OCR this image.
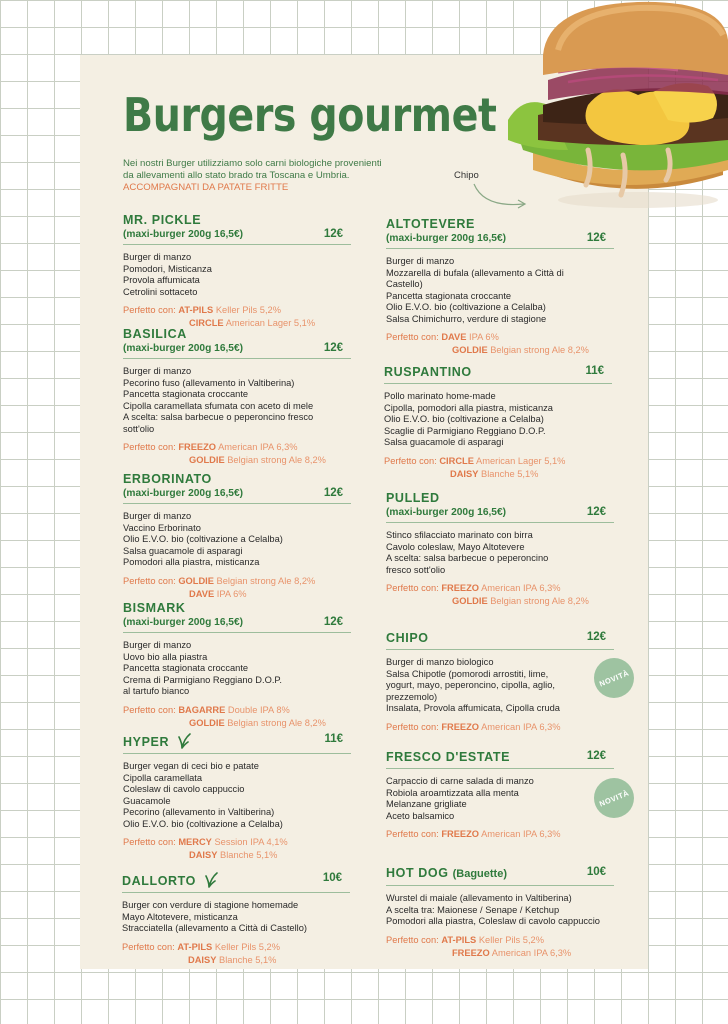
Chipo
Burgers gourmet
Nei nostri Burger utilizziamo solo carni biologiche provenienti
da allevamenti allo stato brado tra Toscana e Umbria.
ACCOMPAGNATI DA PATATE FRITTE
MR. PICKLE
(maxi-burger 200g 16,5€)	12€
Burger di manzo
Pomodori, Misticanza
Provola affumicata
Cetrolini sottaceto
Perfetto con: AT-PILS Keller Pils 5,2%
CIRCLE American Lager 5,1%
BASILICA
(maxi-burger 200g 16,5€)	12€
Burger di manzo
Pecorino fuso (allevamento in Valtiberina)
Pancetta stagionata croccante
Cipolla caramellata sfumata con aceto di mele
A scelta: salsa barbecue o peperoncino fresco
sott'olio
Perfetto con: FREEZO American IPA 6,3%
GOLDIE Belgian strong Ale 8,2%
ERBORINATO
(maxi-burger 200g 16,5€)	12€
Burger di manzo
Vaccino Erborinato
Olio E.V.O. bio (coltivazione a Celalba)
Salsa guacamole di asparagi
Pomodori alla piastra, misticanza
Perfetto con: GOLDIE Belgian strong Ale 8,2%
DAVE IPA 6%
BISMARK
(maxi-burger 200g 16,5€)	12€
Burger di manzo
Uovo bio alla piastra
Pancetta stagionata croccante
Crema di Parmigiano Reggiano D.O.P.
al tartufo bianco
Perfetto con: BAGARRE Double IPA 8%
GOLDIE Belgian strong Ale 8,2%
HYPER	11€
Burger vegan di ceci bio e patate
Cipolla caramellata
Coleslaw di cavolo cappuccio
Guacamole
Pecorino (allevamento in Valtiberina)
Olio E.V.O. bio (coltivazione a Celalba)
Perfetto con: MERCY Session IPA 4,1%
DAISY Blanche 5,1%
DALLORTO	10€
Burger con verdure di stagione homemade
Mayo Altotevere, misticanza
Stracciatella (allevamento a Città di Castello)
Perfetto con: AT-PILS Keller Pils 5,2%
DAISY Blanche 5,1%
ALTOTEVERE
(maxi-burger 200g 16,5€)	12€
Burger di manzo
Mozzarella di bufala (allevamento a Città di
Castello)
Pancetta stagionata croccante
Olio E.V.O. bio (coltivazione a Celalba)
Salsa Chimichurro, verdure di stagione
Perfetto con: DAVE IPA 6%
GOLDIE Belgian strong Ale 8,2%
RUSPANTINO	11€
Pollo marinato home-made
Cipolla, pomodori alla piastra, misticanza
Olio E.V.O. bio (coltivazione a Celalba)
Scaglie di Parmigiano Reggiano D.O.P.
Salsa guacamole di asparagi
Perfetto con: CIRCLE American Lager 5,1%
DAISY Blanche 5,1%
PULLED
(maxi-burger 200g 16,5€)	12€
Stinco sfilacciato marinato con birra
Cavolo coleslaw, Mayo Altotevere
A scelta: salsa barbecue o peperoncino
fresco sott'olio
Perfetto con: FREEZO American IPA 6,3%
GOLDIE Belgian strong Ale 8,2%
CHIPO	12€
Burger di manzo biologico
Salsa Chipotle (pomorodi arrostiti, lime,
yogurt, mayo, peperoncino, cipolla, aglio,
prezzemolo)
Insalata, Provola affumicata, Cipolla cruda
Perfetto con: FREEZO American IPA 6,3%
NOVITÀ
FRESCO D'ESTATE	12€
Carpaccio di carne salada di manzo
Robiola aroamtizzata alla menta
Melanzane grigliate
Aceto balsamico
Perfetto con: FREEZO American IPA 6,3%
NOVITÀ
HOT DOG (Baguette)	10€
Wurstel di maiale (allevamento in Valtiberina)
A scelta tra: Maionese / Senape / Ketchup
Pomodori alla piastra, Coleslaw di cavolo cappuccio
Perfetto con: AT-PILS Keller Pils 5,2%
FREEZO American IPA 6,3%
